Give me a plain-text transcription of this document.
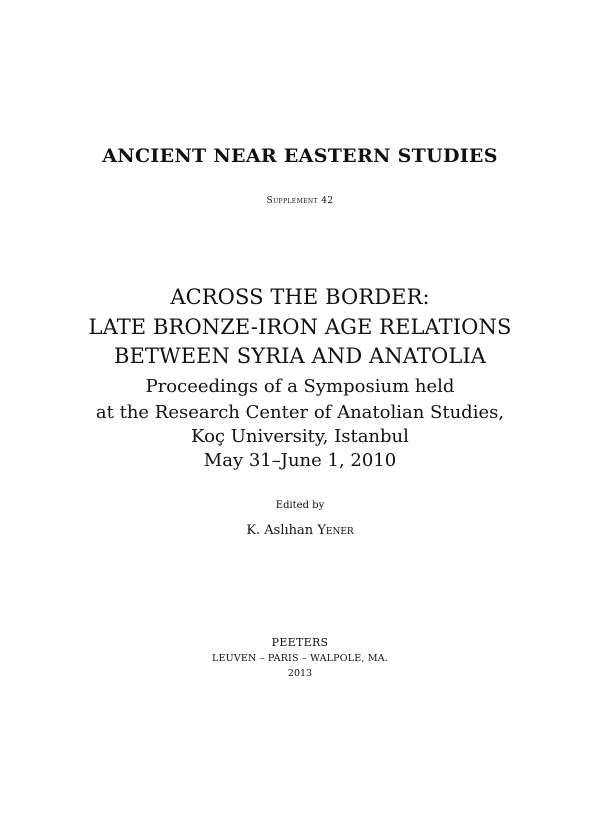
ANCIENT NEAR EASTERN STUDIES
Supplement 42
ACROSS THE BORDER:
LATE BRONZE-IRON AGE RELATIONS
BETWEEN SYRIA AND ANATOLIA
Proceedings of a Symposium held
at the Research Center of Anatolian Studies,
Koç University, Istanbul
May 31–June 1, 2010
Edited by
K. Aslıhan Yener
PEETERS
LEUVEN – PARIS – WALPOLE, MA.
2013
